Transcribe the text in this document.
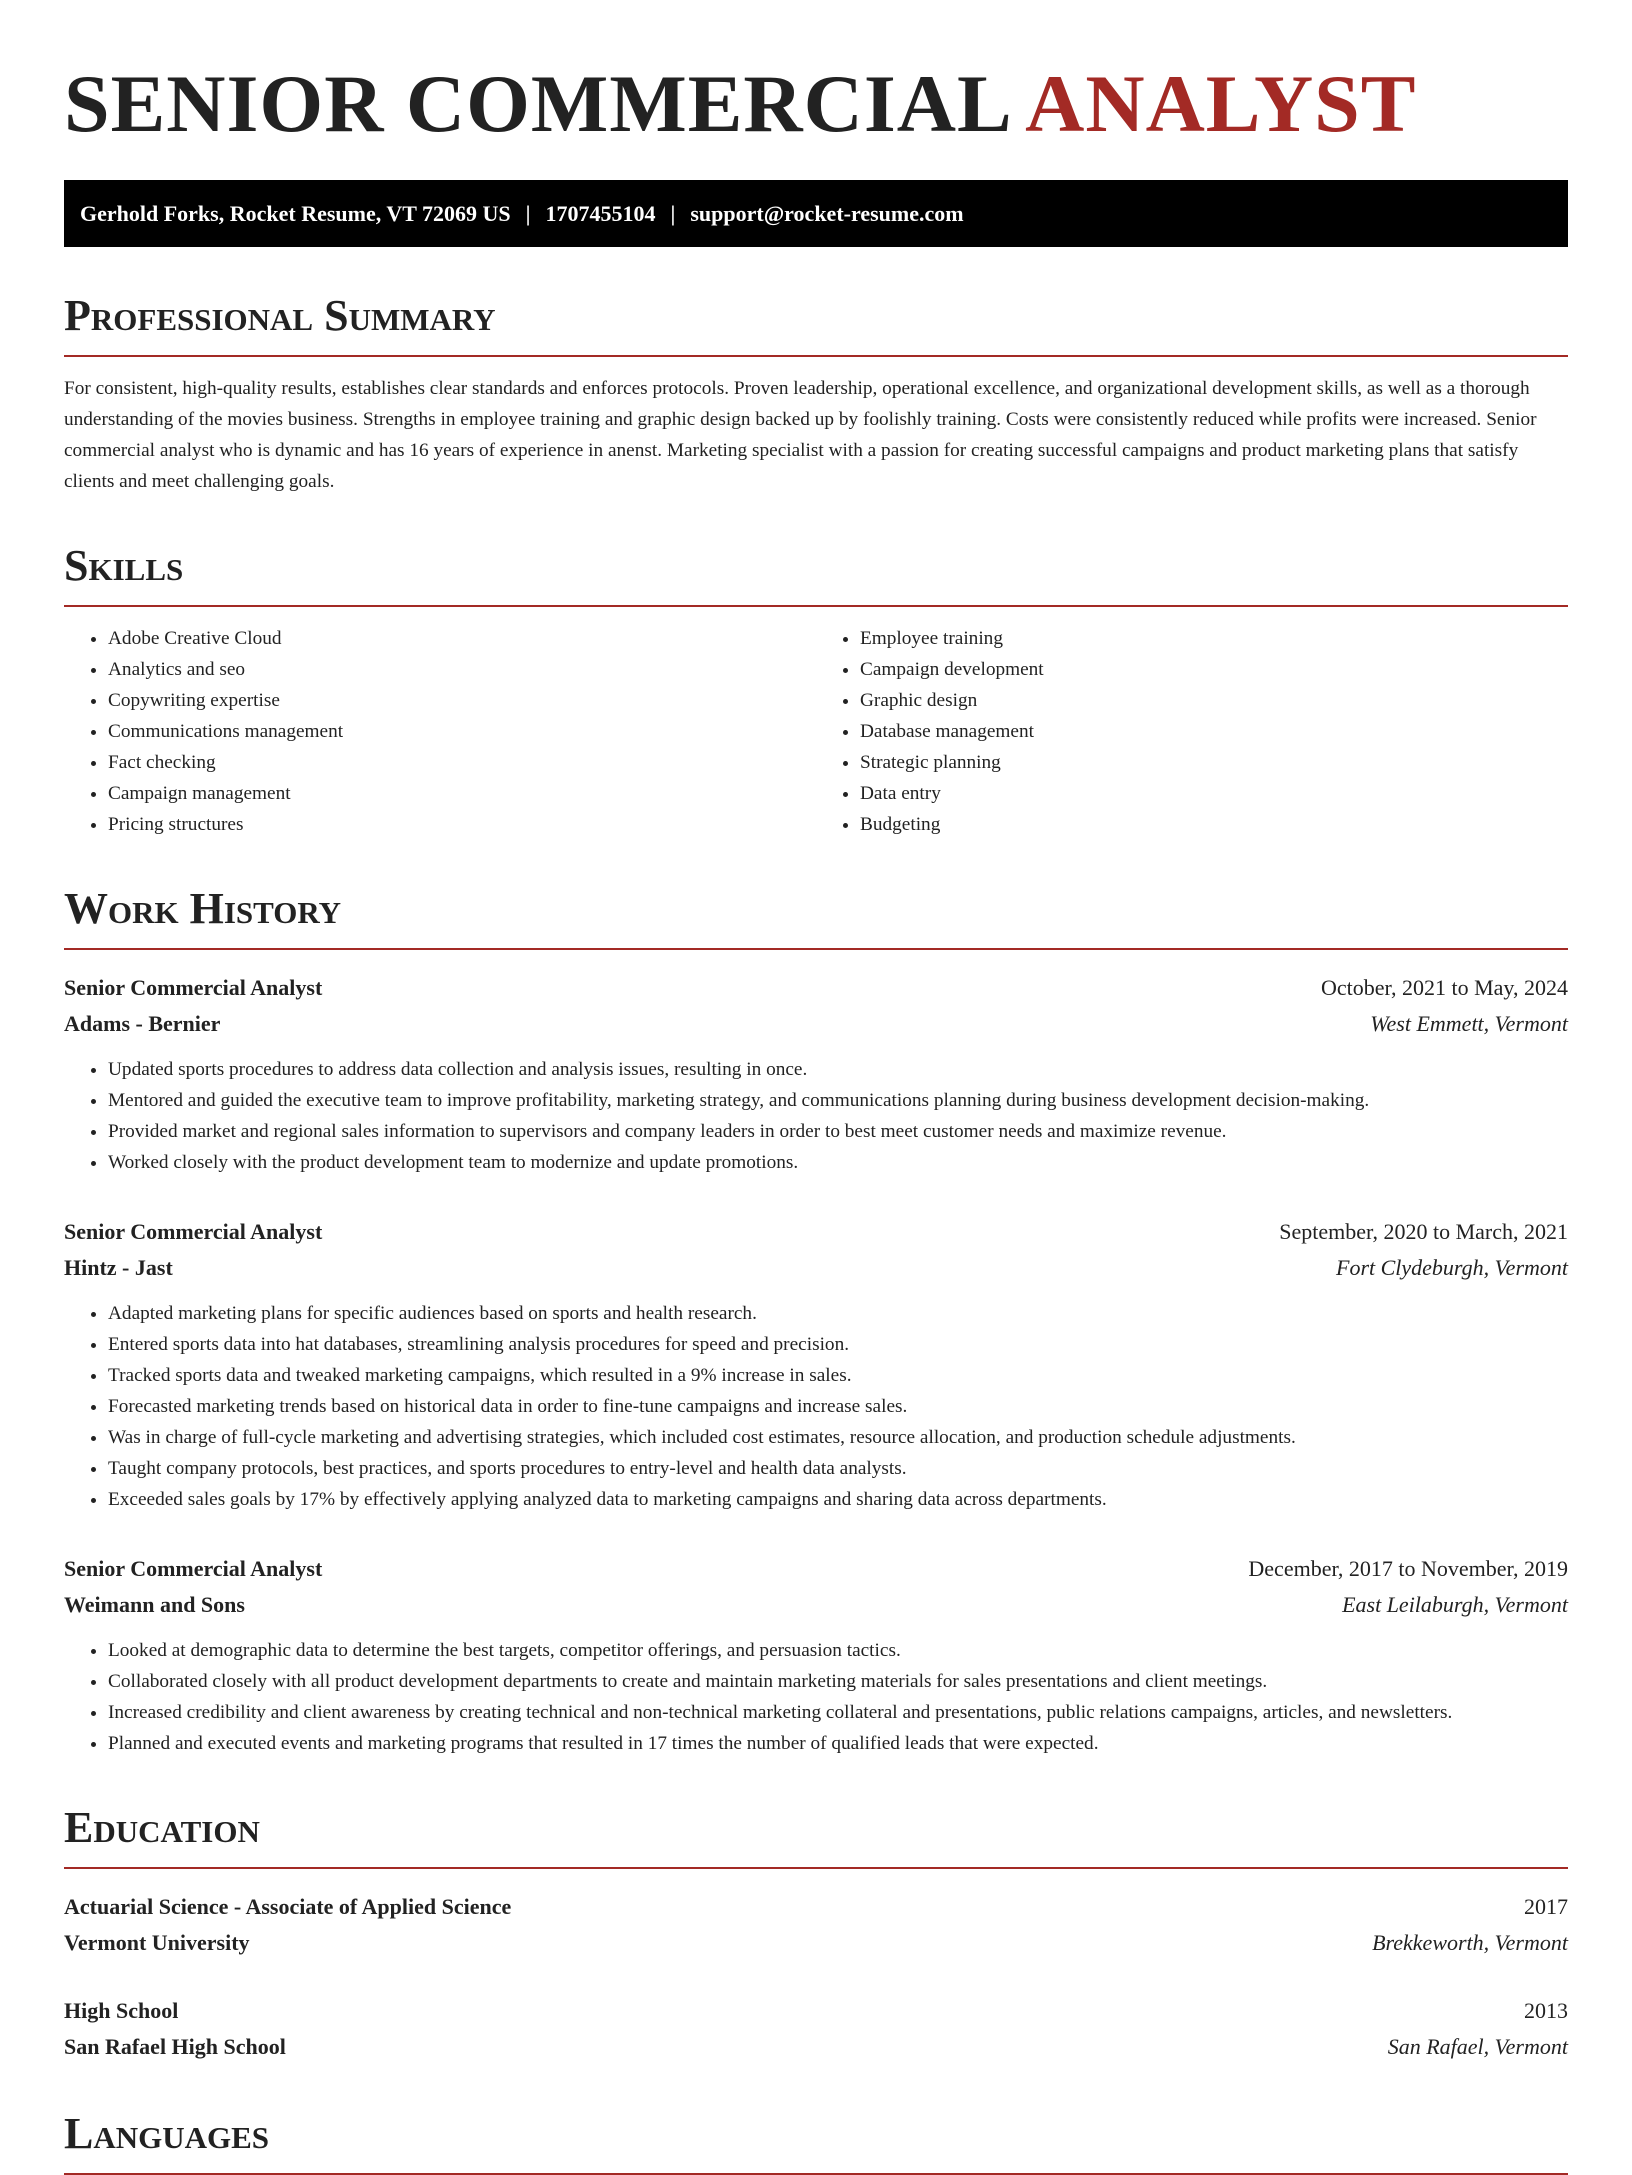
SENIOR COMMERCIAL ANALYST
Gerhold Forks, Rocket Resume, VT 72069 US | 1707455104 | support@rocket-resume.com
Professional Summary
For consistent, high-quality results, establishes clear standards and enforces protocols. Proven leadership, operational excellence, and organizational development skills, as well as a thorough understanding of the movies business. Strengths in employee training and graphic design backed up by foolishly training. Costs were consistently reduced while profits were increased. Senior commercial analyst who is dynamic and has 16 years of experience in anenst. Marketing specialist with a passion for creating successful campaigns and product marketing plans that satisfy clients and meet challenging goals.
Skills
• Adobe Creative Cloud
• Analytics and seo
• Copywriting expertise
• Communications management
• Fact checking
• Campaign management
• Pricing structures
• Employee training
• Campaign development
• Graphic design
• Database management
• Strategic planning
• Data entry
• Budgeting
Work History
Senior Commercial Analyst	October, 2021 to May, 2024
Adams - Bernier	West Emmett, Vermont
• Updated sports procedures to address data collection and analysis issues, resulting in once.
• Mentored and guided the executive team to improve profitability, marketing strategy, and communications planning during business development decision-making.
• Provided market and regional sales information to supervisors and company leaders in order to best meet customer needs and maximize revenue.
• Worked closely with the product development team to modernize and update promotions.
Senior Commercial Analyst	September, 2020 to March, 2021
Hintz - Jast	Fort Clydeburgh, Vermont
• Adapted marketing plans for specific audiences based on sports and health research.
• Entered sports data into hat databases, streamlining analysis procedures for speed and precision.
• Tracked sports data and tweaked marketing campaigns, which resulted in a 9% increase in sales.
• Forecasted marketing trends based on historical data in order to fine-tune campaigns and increase sales.
• Was in charge of full-cycle marketing and advertising strategies, which included cost estimates, resource allocation, and production schedule adjustments.
• Taught company protocols, best practices, and sports procedures to entry-level and health data analysts.
• Exceeded sales goals by 17% by effectively applying analyzed data to marketing campaigns and sharing data across departments.
Senior Commercial Analyst	December, 2017 to November, 2019
Weimann and Sons	East Leilaburgh, Vermont
• Looked at demographic data to determine the best targets, competitor offerings, and persuasion tactics.
• Collaborated closely with all product development departments to create and maintain marketing materials for sales presentations and client meetings.
• Increased credibility and client awareness by creating technical and non-technical marketing collateral and presentations, public relations campaigns, articles, and newsletters.
• Planned and executed events and marketing programs that resulted in 17 times the number of qualified leads that were expected.
Education
Actuarial Science - Associate of Applied Science	2017
Vermont University	Brekkeworth, Vermont
High School	2013
San Rafael High School	San Rafael, Vermont
Languages
